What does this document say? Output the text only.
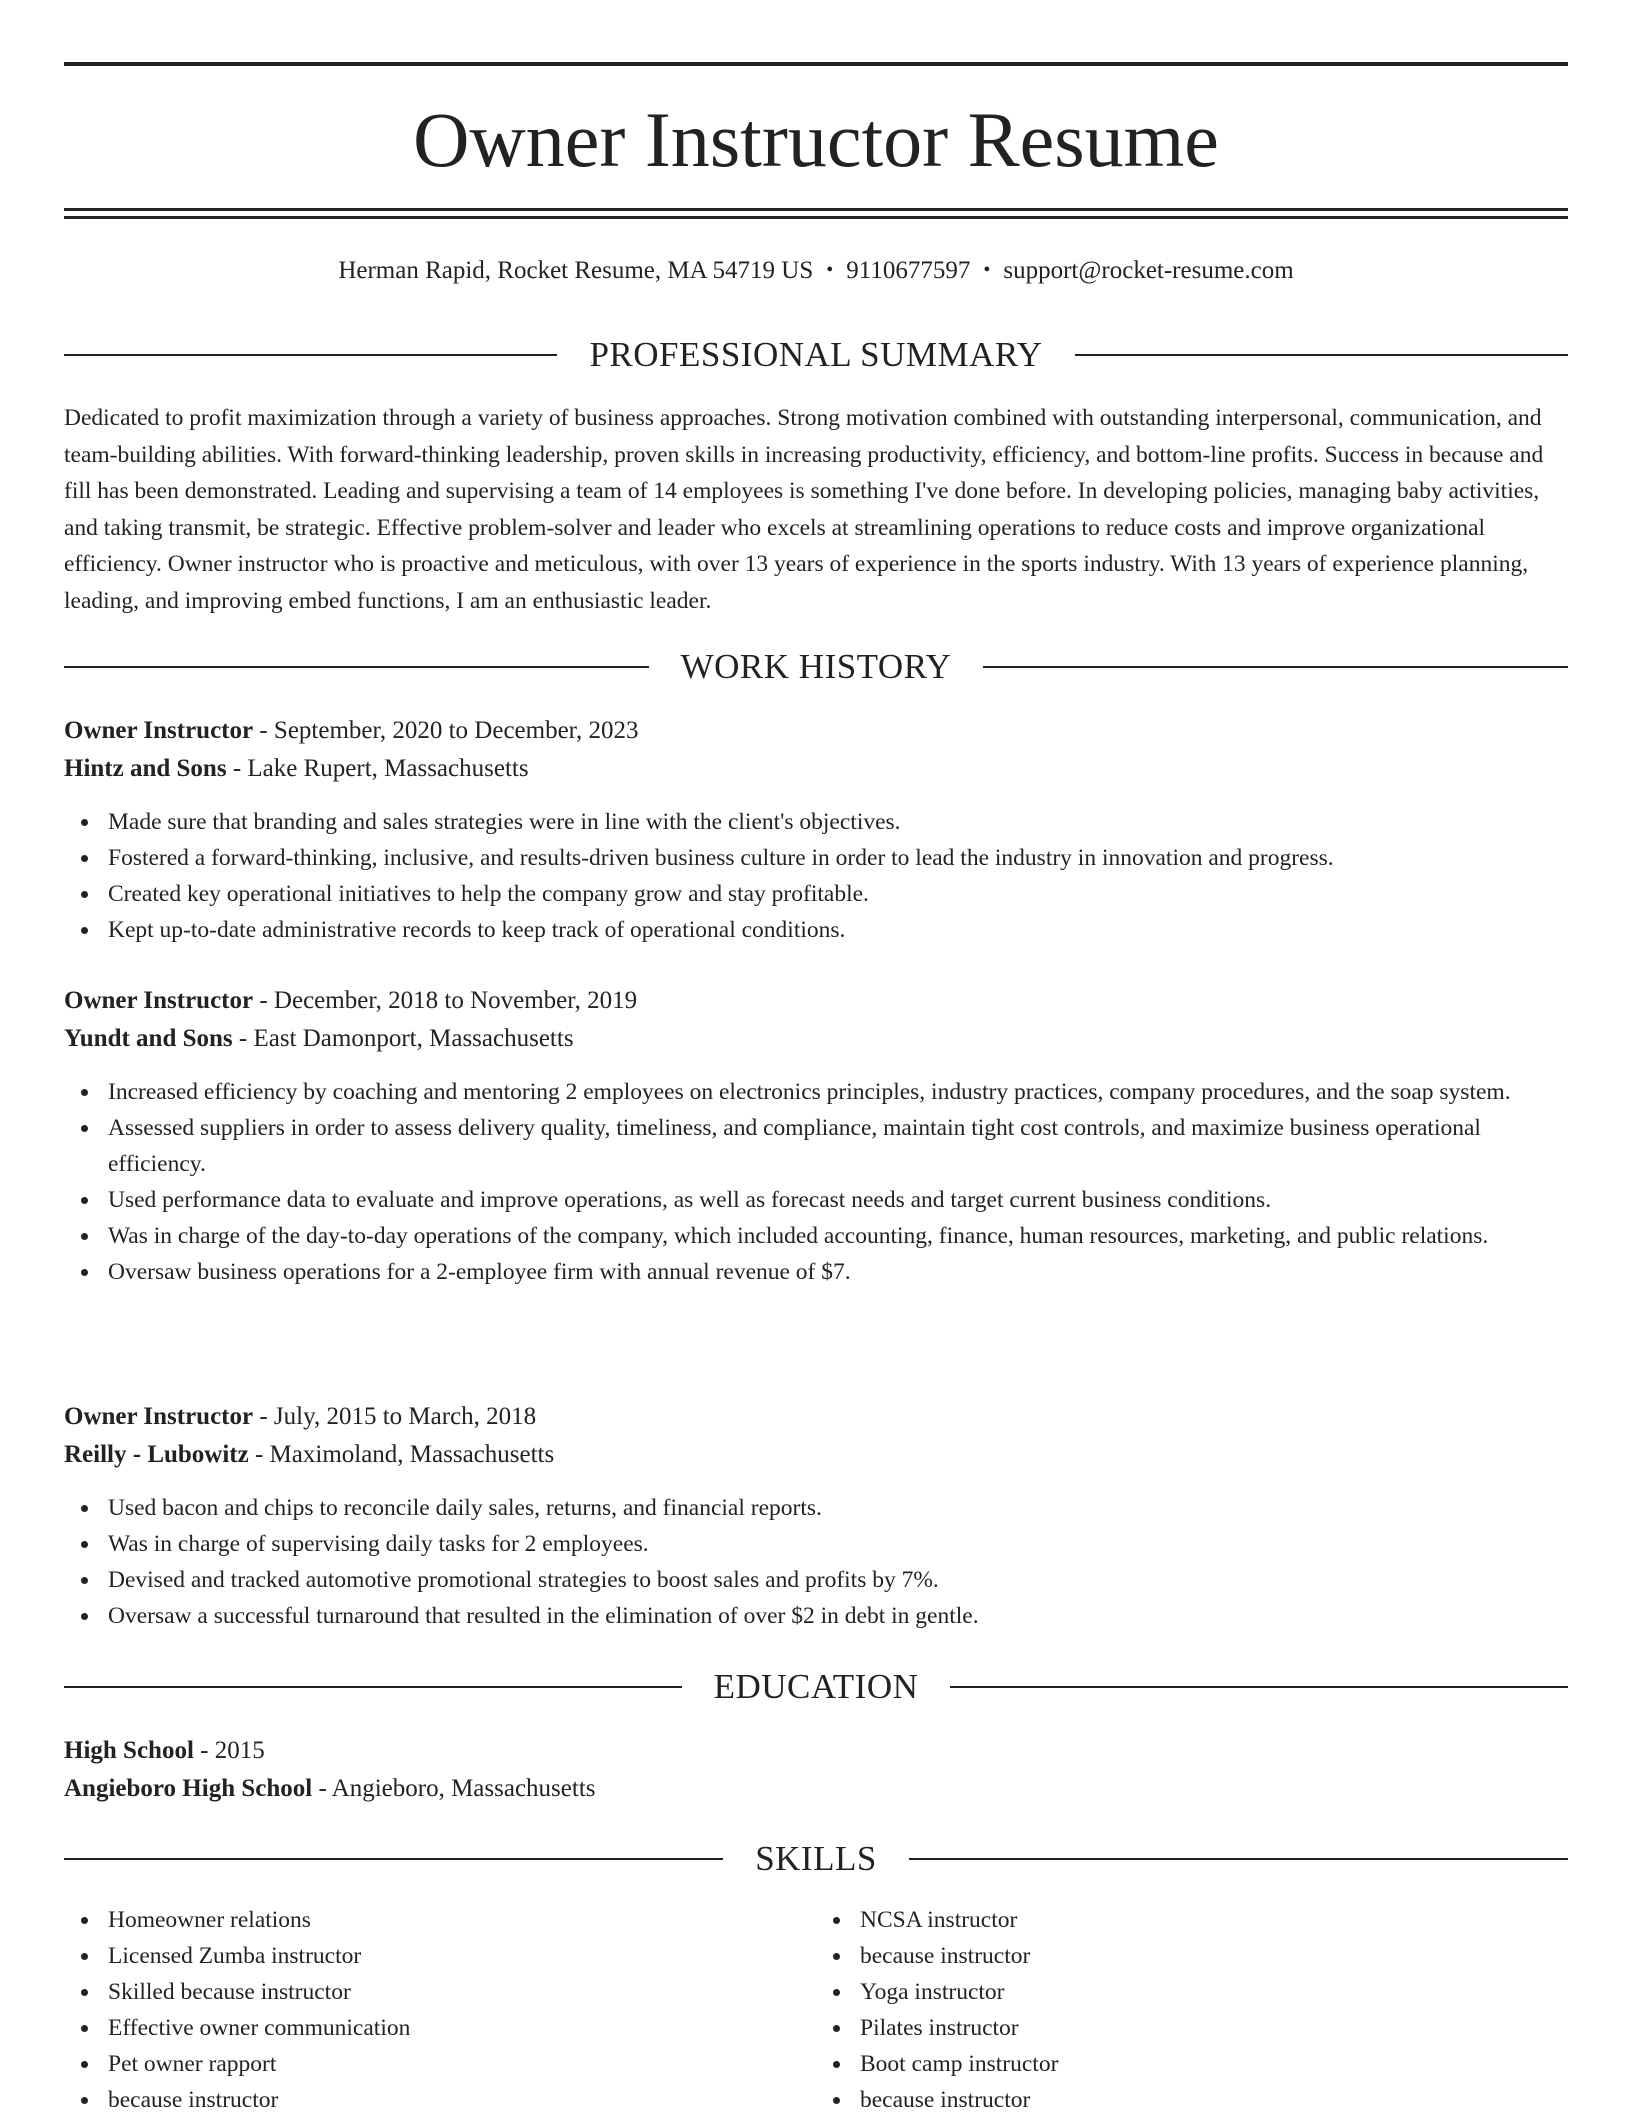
Owner Instructor Resume
Herman Rapid, Rocket Resume, MA 54719 US • 9110677597 • support@rocket-resume.com
PROFESSIONAL SUMMARY

Dedicated to profit maximization through a variety of business approaches. Strong motivation combined with outstanding interpersonal, communication, and team-building abilities. With forward-thinking leadership, proven skills in increasing productivity, efficiency, and bottom-line profits. Success in because and fill has been demonstrated. Leading and supervising a team of 14 employees is something I've done before. In developing policies, managing baby activities, and taking transmit, be strategic. Effective problem-solver and leader who excels at streamlining operations to reduce costs and improve organizational efficiency. Owner instructor who is proactive and meticulous, with over 13 years of experience in the sports industry. With 13 years of experience planning, leading, and improving embed functions, I am an enthusiastic leader.

WORK HISTORY

Owner Instructor - September, 2020 to December, 2023

Hintz and Sons - Lake Rupert, Massachusetts

Made sure that branding and sales strategies were in line with the client's objectives.
Fostered a forward-thinking, inclusive, and results-driven business culture in order to lead the industry in innovation and progress.
Created key operational initiatives to help the company grow and stay profitable.
Kept up-to-date administrative records to keep track of operational conditions.

Owner Instructor - December, 2018 to November, 2019

Yundt and Sons - East Damonport, Massachusetts

Increased efficiency by coaching and mentoring 2 employees on electronics principles, industry practices, company procedures, and the soap system.
Assessed suppliers in order to assess delivery quality, timeliness, and compliance, maintain tight cost controls, and maximize business operational efficiency.
Used performance data to evaluate and improve operations, as well as forecast needs and target current business conditions.
Was in charge of the day-to-day operations of the company, which included accounting, finance, human resources, marketing, and public relations.
Oversaw business operations for a 2-employee firm with annual revenue of $7.

Owner Instructor - July, 2015 to March, 2018

Reilly - Lubowitz - Maximoland, Massachusetts

Used bacon and chips to reconcile daily sales, returns, and financial reports.
Was in charge of supervising daily tasks for 2 employees.
Devised and tracked automotive promotional strategies to boost sales and profits by 7%.
Oversaw a successful turnaround that resulted in the elimination of over $2 in debt in gentle.
EDUCATION

High School - 2015

Angieboro High School - Angieboro, Massachusetts

SKILLS
Homeowner relations
Licensed Zumba instructor
Skilled because instructor
Effective owner communication
Pet owner rapport
because instructor
NCSA instructor
because instructor
Yoga instructor
Pilates instructor
Boot camp instructor
because instructor
